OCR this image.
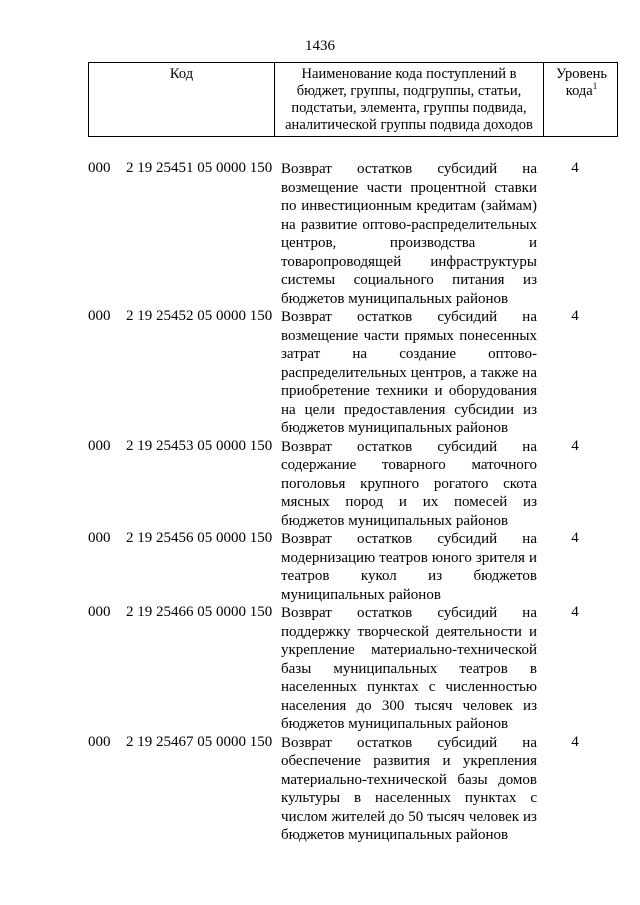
1436
Код	Наименование кода поступлений в бюджет, группы, подгруппы, статьи, подстатьи, элемента, группы подвида, аналитической группы подвида доходов
Уровень кода$^1$
000 2 19 25451 05 0000 150 Возврат остатков субсидий на возмещение части процентной ставки по инвестиционным кредитам (займам) на развитие оптово-распределительных центров, производства и товаропроводящей инфраструктуры системы социального питания из бюджетов муниципальных районов
4
000 2 19 25452 05 0000 150 Возврат остатков субсидий на возмещение части прямых понесенных затрат на создание оптово-распределительных центров, а также на приобретение техники и оборудования на цели предоставления субсидии из бюджетов муниципальных районов
4
000 2 19 25453 05 0000 150 Возврат остатков субсидий на содержание товарного маточного поголовья крупного рогатого скота мясных пород и их помесей из бюджетов муниципальных районов
4
000 2 19 25456 05 0000 150 Возврат остатков субсидий на модернизацию театров юного зрителя и театров кукол из бюджетов муниципальных районов
4
000 2 19 25466 05 0000 150 Возврат остатков субсидий на поддержку творческой деятельности и укрепление материально-технической базы муниципальных театров в населенных пунктах с численностью населения до 300 тысяч человек из бюджетов муниципальных районов
4
000 2 19 25467 05 0000 150 Возврат остатков субсидий на обеспечение развития и укрепления материально-технической базы домов культуры в населенных пунктах с числом жителей до 50 тысяч человек из бюджетов муниципальных районов
4
